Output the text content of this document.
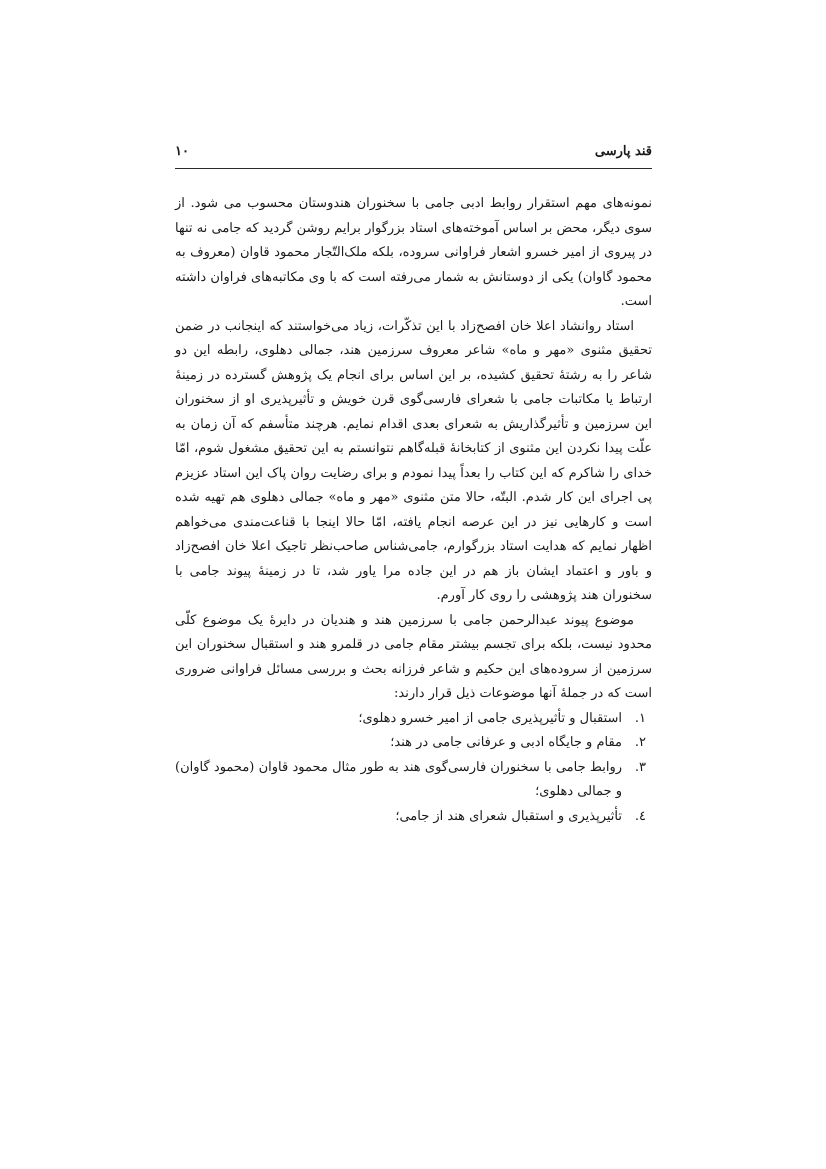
قند پارسی
۱۰

نمونه‌های مهم استقرار روابط ادبی جامی با سخنوران هندوستان محسوب می شود. از سوی دیگر، محض بر اساس آموخته‌های استاد بزرگوار برایم روشن گردید که جامی نه تنها در پیروی از امیر خسرو اشعار فراوانی سروده، بلکه ملک‌التّجار محمود قاوان (معروف به محمود گاوان) یکی از دوستانش به شمار می‌رفته است که با وی مکاتبه‌های فراوان داشته است.

استاد روانشاد اعلا خان افصح‌زاد با این تذکّرات، زیاد می‌خواستند که اینجانب در ضمن تحقیق مثنوی «مهر و ماه» شاعر معروف سرزمین هند، جمالی دهلوی، رابطه این دو شاعر را به رشتهٔ تحقیق کشیده، بر این اساس برای انجام یک پژوهش گسترده در زمینهٔ ارتباط یا مکاتبات جامی با شعرای فارسی‌گوی قرن خویش و تأثیرپذیری او از سخنوران این سرزمین و تأثیرگذاریش به شعرای بعدی اقدام نمایم. هرچند متأسفم که آن زمان به علّت پیدا نکردن این مثنوی از کتابخانهٔ قبله‌گاهم نتوانستم به این تحقیق مشغول شوم، امّا خدای را شاکرم که این کتاب را بعداً پیدا نمودم و برای رضایت روان پاک این استاد عزیزم پی اجرای این کار شدم. البتّه، حالا متن مثنوی «مهر و ماه» جمالی دهلوی هم تهیه شده است و کارهایی نیز در این عرصه انجام یافته، امّا حالا اینجا با قناعت‌مندی می‌خواهم اظهار نمایم که هدایت استاد بزرگوارم، جامی‌شناس صاحب‌نظر تاجیک اعلا خان افصح‌زاد و باور و اعتماد ایشان باز هم در این جاده مرا یاور شد، تا در زمینهٔ پیوند جامی با سخنوران هند پژوهشی را روی کار آورم.

موضوع پیوند عبدالرحمن جامی با سرزمین هند و هندیان در دایرهٔ یک موضوع کلّی محدود نیست، بلکه برای تجسم بیشتر مقام جامی در قلمرو هند و استقبال سخنوران این سرزمین از سروده‌های این حکیم و شاعر فرزانه بحث و بررسی مسائل فراوانی ضروری است که در جملهٔ آنها موضوعات ذیل قرار دارند:

۱.
استقبال و تأثیرپذیری جامی از امیر خسرو دهلوی؛
۲.
مقام و جایگاه ادبی و عرفانی جامی در هند؛
۳.
روابط جامی با سخنوران فارسی‌گوی هند به طور مثال محمود قاوان (محمود گاوان) و جمالی دهلوی؛
٤.
تأثیرپذیری و استقبال شعرای هند از جامی؛
